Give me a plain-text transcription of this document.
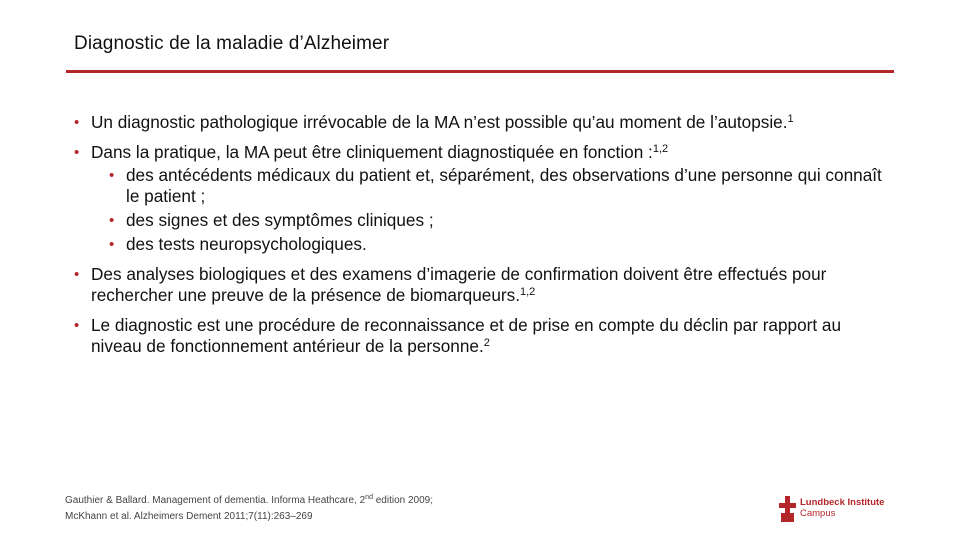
Diagnostic de la maladie d’Alzheimer
• Un diagnostic pathologique irrévocable de la MA n’est possible qu’au moment de l’autopsie.$^1$
• Dans la pratique, la MA peut être cliniquement diagnostiquée en fonction :$^{1,2}$
• des antécédents médicaux du patient et, séparément, des observations d’une personne qui connaît le patient ;
• des signes et des symptômes cliniques ;
• des tests neuropsychologiques.
• Des analyses biologiques et des examens d’imagerie de confirmation doivent être effectués pour rechercher une preuve de la présence de biomarqueurs.$^{1,2}$
• Le diagnostic est une procédure de reconnaissance et de prise en compte du déclin par rapport au niveau de fonctionnement antérieur de la personne.$^2$
Gauthier & Ballard. Management of dementia. Informa Heathcare, 2nd edition 2009;
McKhann et al. Alzheimers Dement 2011;7(11):263–269
Lundbeck Institute
Campus
